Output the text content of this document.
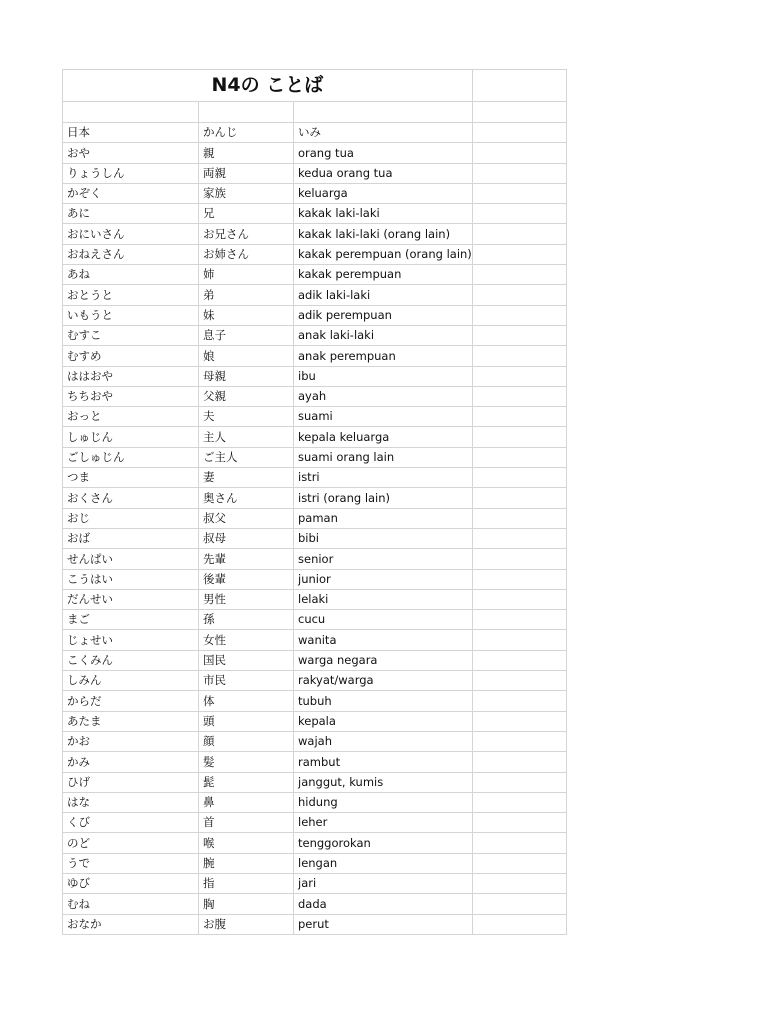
N4の ことば			

日本	かんじ	いみ	
おや	親	orang tua	
りょうしん	両親	kedua orang tua	
かぞく	家族	keluarga	
あに	兄	kakak laki-laki	
おにいさん	お兄さん	kakak laki-laki (orang lain)	
おねえさん	お姉さん	kakak perempuan (orang lain)	
あね	姉	kakak perempuan	
おとうと	弟	adik laki-laki	
いもうと	妹	adik perempuan	
むすこ	息子	anak laki-laki	
むすめ	娘	anak perempuan	
ははおや	母親	ibu	
ちちおや	父親	ayah	
おっと	夫	suami	
しゅじん	主人	kepala keluarga	
ごしゅじん	ご主人	suami orang lain	
つま	妻	istri	
おくさん	奥さん	istri (orang lain)	
おじ	叔父	paman	
おば	叔母	bibi	
せんぱい	先輩	senior	
こうはい	後輩	junior	
だんせい	男性	lelaki	
まご	孫	cucu	
じょせい	女性	wanita	
こくみん	国民	warga negara	
しみん	市民	rakyat/warga	
からだ	体	tubuh	
あたま	頭	kepala	
かお	顔	wajah	
かみ	髪	rambut	
ひげ	髭	janggut, kumis	
はな	鼻	hidung	
くび	首	leher	
のど	喉	tenggorokan	
うで	腕	lengan	
ゆび	指	jari	
むね	胸	dada	
おなか	お腹	perut	
